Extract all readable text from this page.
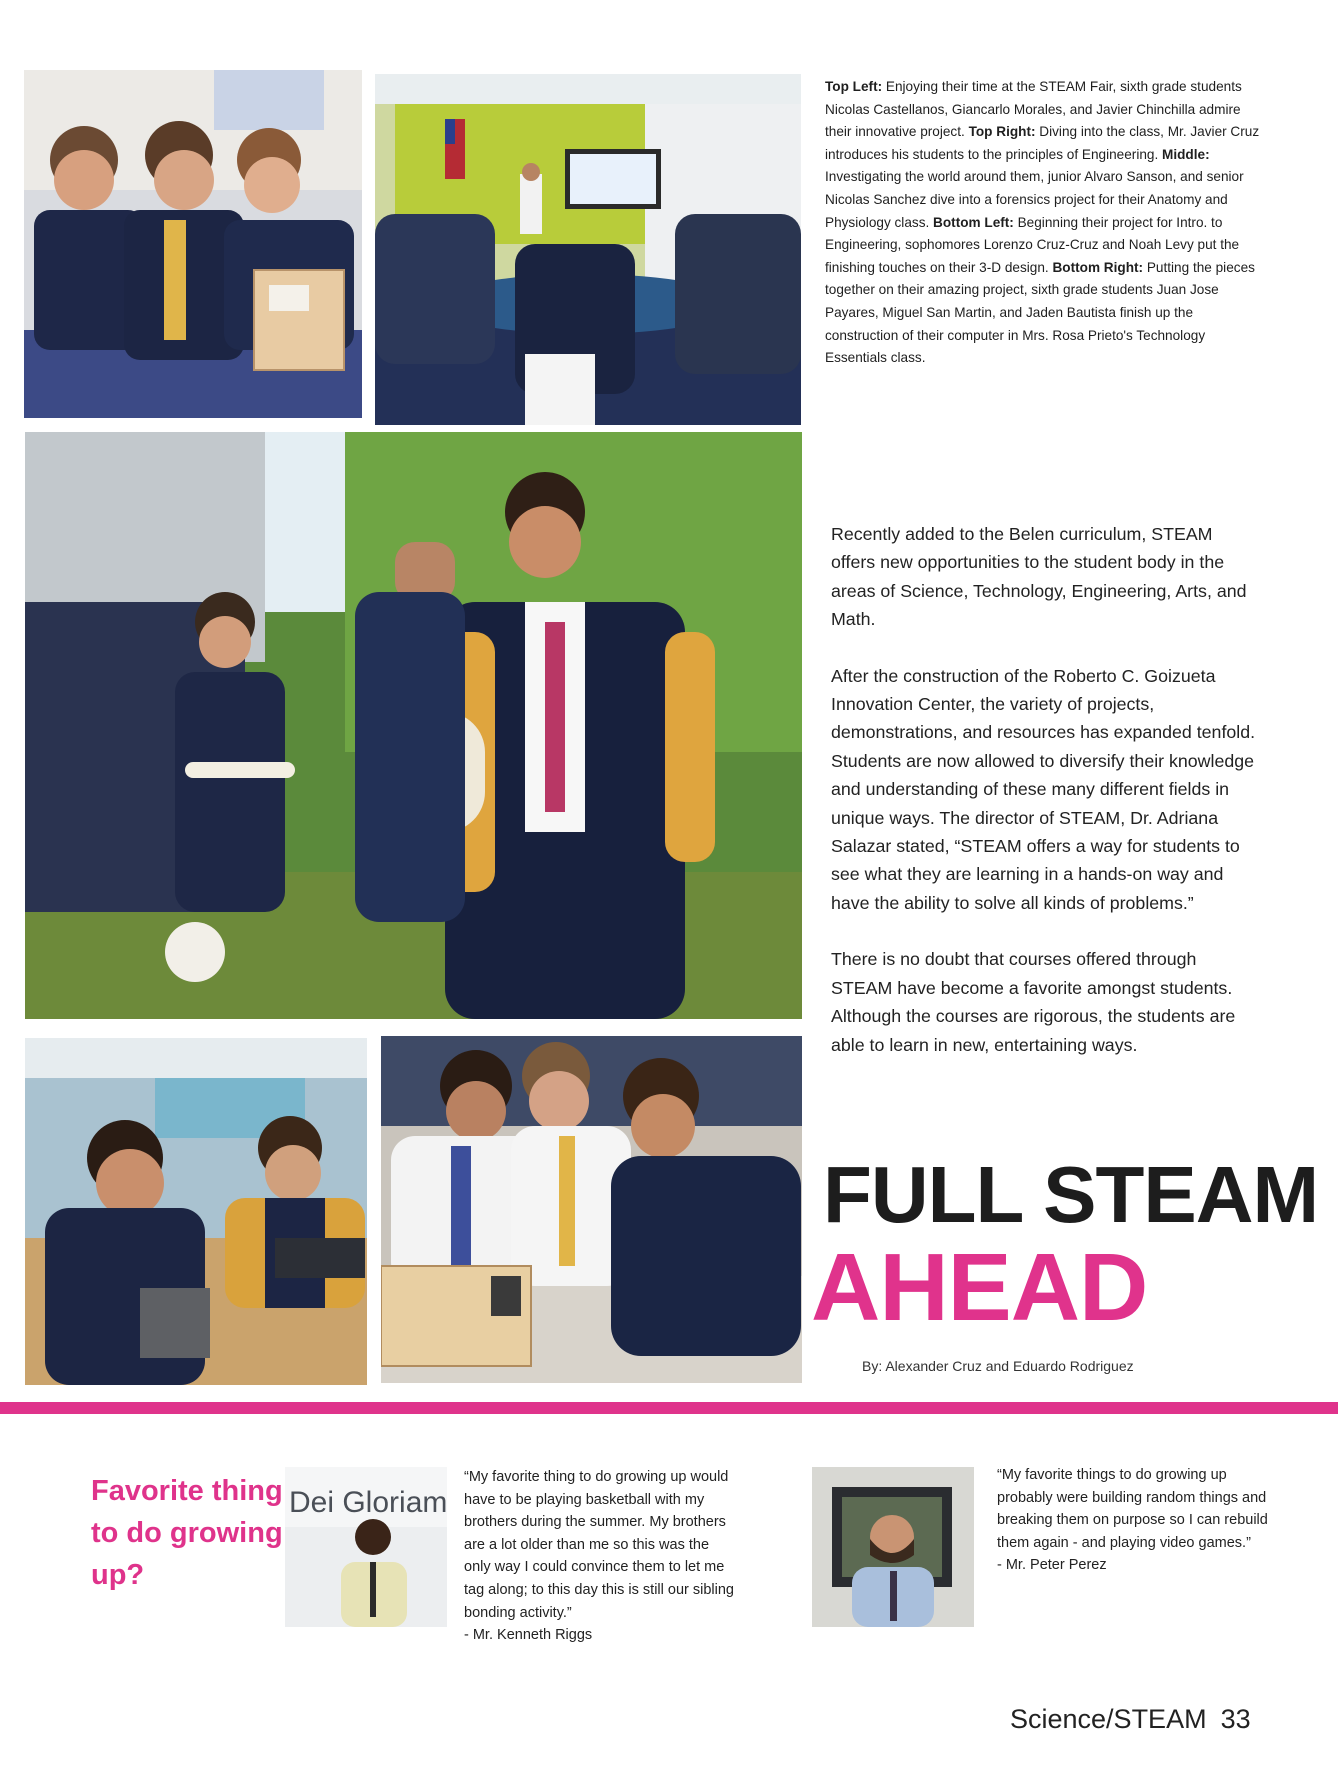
Top Left: Enjoying their time at the STEAM Fair, sixth grade students Nicolas Castellanos, Giancarlo Morales, and Javier Chinchilla admire their innovative project.

Top Right: Diving into the class, Mr. Javier Cruz introduces his students to the principles of Engineering.

Middle: Investigating the world around them, junior Alvaro Sanson, and senior Nicolas Sanchez dive into a forensics project for their Anatomy and Physiology class.

Bottom Left: Beginning their project for Intro. to Engineering, sophomores Lorenzo Cruz-Cruz and Noah Levy put the finishing touches on their 3-D design.

Bottom Right: Putting the pieces together on their amazing project, sixth grade students Juan Jose Payares, Miguel San Martin, and Jaden Bautista finish up the construction of their computer in Mrs. Rosa Prieto's Technology Essentials class.

Recently added to the Belen curriculum, STEAM offers new opportunities to the student body in the areas of Science, Technology, Engineering, Arts, and Math.

After the construction of the Roberto C. Goizueta Innovation Center, the variety of projects, demonstrations, and resources has expanded tenfold. Students are now allowed to diversify their knowledge and understanding of these many different fields in unique ways. The director of STEAM, Dr. Adriana Salazar stated, “STEAM offers a way for students to see what they are learning in a hands-on way and have the ability to solve all kinds of problems.”

There is no doubt that courses offered through STEAM have become a favorite amongst students. Although the courses are rigorous, the students are able to learn in new, entertaining ways.

FULL STEAM
AHEAD
By: Alexander Cruz and Eduardo Rodriguez
Favorite thing to do growing up?
Dei Gloriam
“My favorite thing to do growing up would have to be playing basketball with my brothers during the summer. My brothers are a lot older than me so this was the only way I could convince them to let me tag along; to this day this is still our sibling bonding activity.”
- Mr. Kenneth Riggs
“My favorite things to do growing up probably were building random things and breaking them on purpose so I can rebuild them again - and playing video games.”
- Mr. Peter Perez
Science/STEAM 33
